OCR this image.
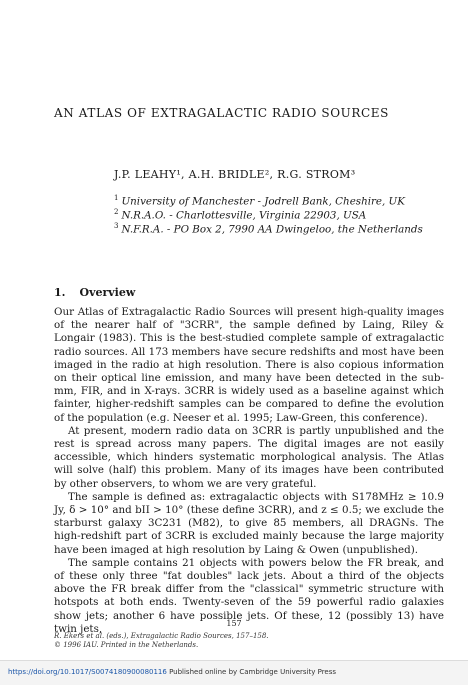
AN ATLAS OF EXTRAGALACTIC RADIO SOURCES
J.P. LEAHY¹, A.H. BRIDLE², R.G. STROM³
$^1$ University of Manchester - Jodrell Bank, Cheshire, UK
$^2$ N.R.A.O. - Charlottesville, Virginia 22903, USA
$^3$ N.F.R.A. - PO Box 2, 7990 AA Dwingeloo, the Netherlands
1. Overview

Our Atlas of Extragalactic Radio Sources will present high-quality images of the nearer half of "3CRR", the sample defined by Laing, Riley & Longair (1983). This is the best-studied complete sample of extragalactic radio sources. All 173 members have secure redshifts and most have been imaged in the radio at high resolution. There is also copious information on their optical line emission, and many have been detected in the sub-mm, FIR, and in X-rays. 3CRR is widely used as a baseline against which fainter, higher-redshift samples can be compared to define the evolution of the population (e.g. Neeser et al. 1995; Law-Green, this conference).

At present, modern radio data on 3CRR is partly unpublished and the rest is spread across many papers. The digital images are not easily accessible, which hinders systematic morphological analysis. The Atlas will solve (half) this problem. Many of its images have been contributed by other observers, to whom we are very grateful.

The sample is defined as: extragalactic objects with S178MHz ≥ 10.9 Jy, δ > 10° and bII > 10° (these define 3CRR), and z ≤ 0.5; we exclude the starburst galaxy 3C231 (M82), to give 85 members, all DRAGNs. The high-redshift part of 3CRR is excluded mainly because the large majority have been imaged at high resolution by Laing & Owen (unpublished).

The sample contains 21 objects with powers below the FR break, and of these only three "fat doubles" lack jets. About a third of the objects above the FR break differ from the "classical" symmetric structure with hotspots at both ends. Twenty-seven of the 59 powerful radio galaxies show jets; another 6 have possible jets. Of these, 12 (possibly 13) have twin jets,	157
R. Ekers et al. (eds.), Extragalactic Radio Sources, 157–158.
© 1996 IAU. Printed in the Netherlands.
https://doi.org/10.1017/S0074180900080116 Published online by Cambridge University Press
